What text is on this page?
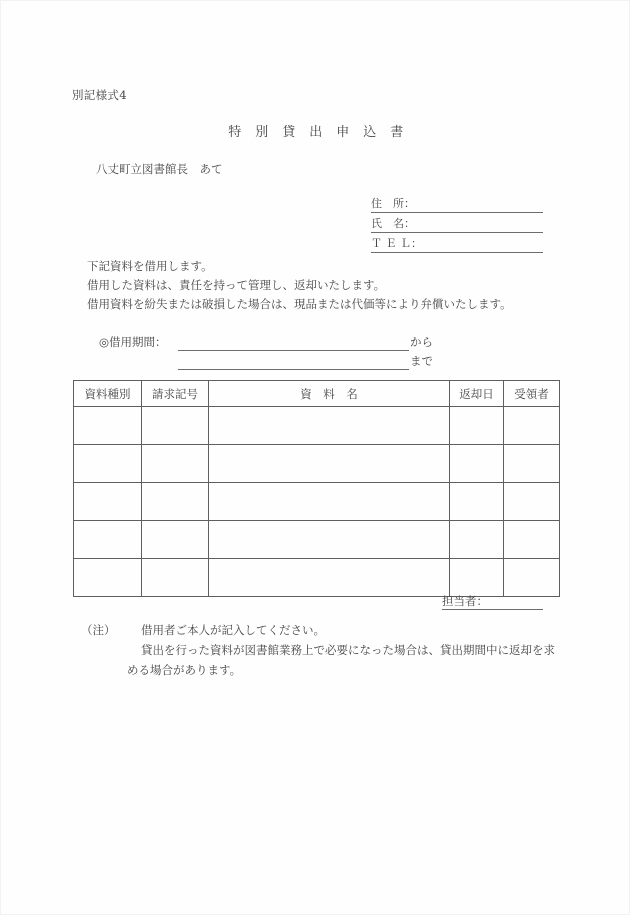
別記様式4
特　別　貸　出　申　込　書
八丈町立図書館長　あて
住　所：
氏　名：
Ｔ Ｅ Ｌ：
下記資料を借用します。
借用した資料は、責任を持って管理し、返却いたします。
借用資料を紛失または破損した場合は、現品または代価等により弁償いたします。
◎借用期間：	から
まで
資料種別	請求記号	資　料　名	返却日	受領者

担当者：
（注）	借用者ご本人が記入してください。
貸出を行った資料が図書館業務上で必要になった場合は、貸出期間中に返却を求
める場合があります。
